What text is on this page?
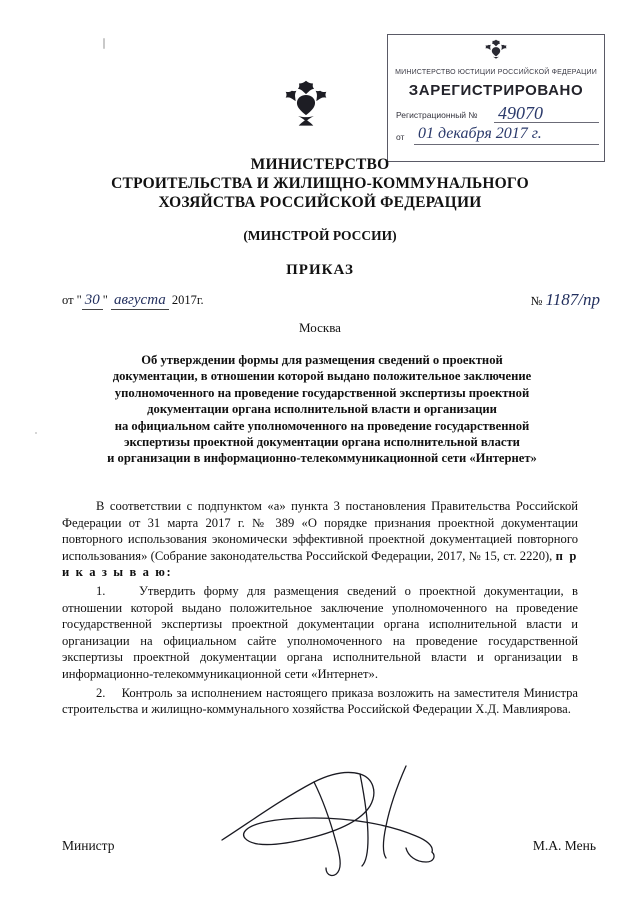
МИНИСТЕРСТВО ЮСТИЦИИ РОССИЙСКОЙ ФЕДЕРАЦИИ
ЗАРЕГИСТРИРОВАНО
Регистрационный № 49070
от 01 декабря 2017 г.
МИНИСТЕРСТВО
СТРОИТЕЛЬСТВА И ЖИЛИЩНО-КОММУНАЛЬНОГО
ХОЗЯЙСТВА РОССИЙСКОЙ ФЕДЕРАЦИИ
(МИНСТРОЙ РОССИИ)
ПРИКАЗ
от " 30 " августа 2017г.	№ 1187/пр
Москва
Об утверждении формы для размещения сведений о проектной
документации, в отношении которой выдано положительное заключение
уполномоченного на проведение государственной экспертизы проектной
документации органа исполнительной власти и организации
на официальном сайте уполномоченного на проведение государственной
экспертизы проектной документации органа исполнительной власти
и организации в информационно-телекоммуникационной сети «Интернет»

В соответствии с подпунктом «а» пункта 3 постановления Правительства Российской Федерации от 31 марта 2017 г. № 389 «О порядке признания проектной документации повторного использования экономически эффективной проектной документацией повторного использования» (Собрание законодательства Российской Федерации, 2017, № 15, ст. 2220), п р и к а з ы в а ю:

1.	Утвердить форму для размещения сведений о проектной документации, в отношении которой выдано положительное заключение уполномоченного на проведение государственной экспертизы проектной документации органа исполнительной власти и организации на официальном сайте уполномоченного на проведение государственной экспертизы проектной документации органа исполнительной власти и организации в информационно-телекоммуникационной сети «Интернет».

2. Контроль за исполнением настоящего приказа возложить на заместителя Министра строительства и жилищно-коммунального хозяйства Российской Федерации Х.Д. Мавлиярова.

Министр	М.А. Мень
